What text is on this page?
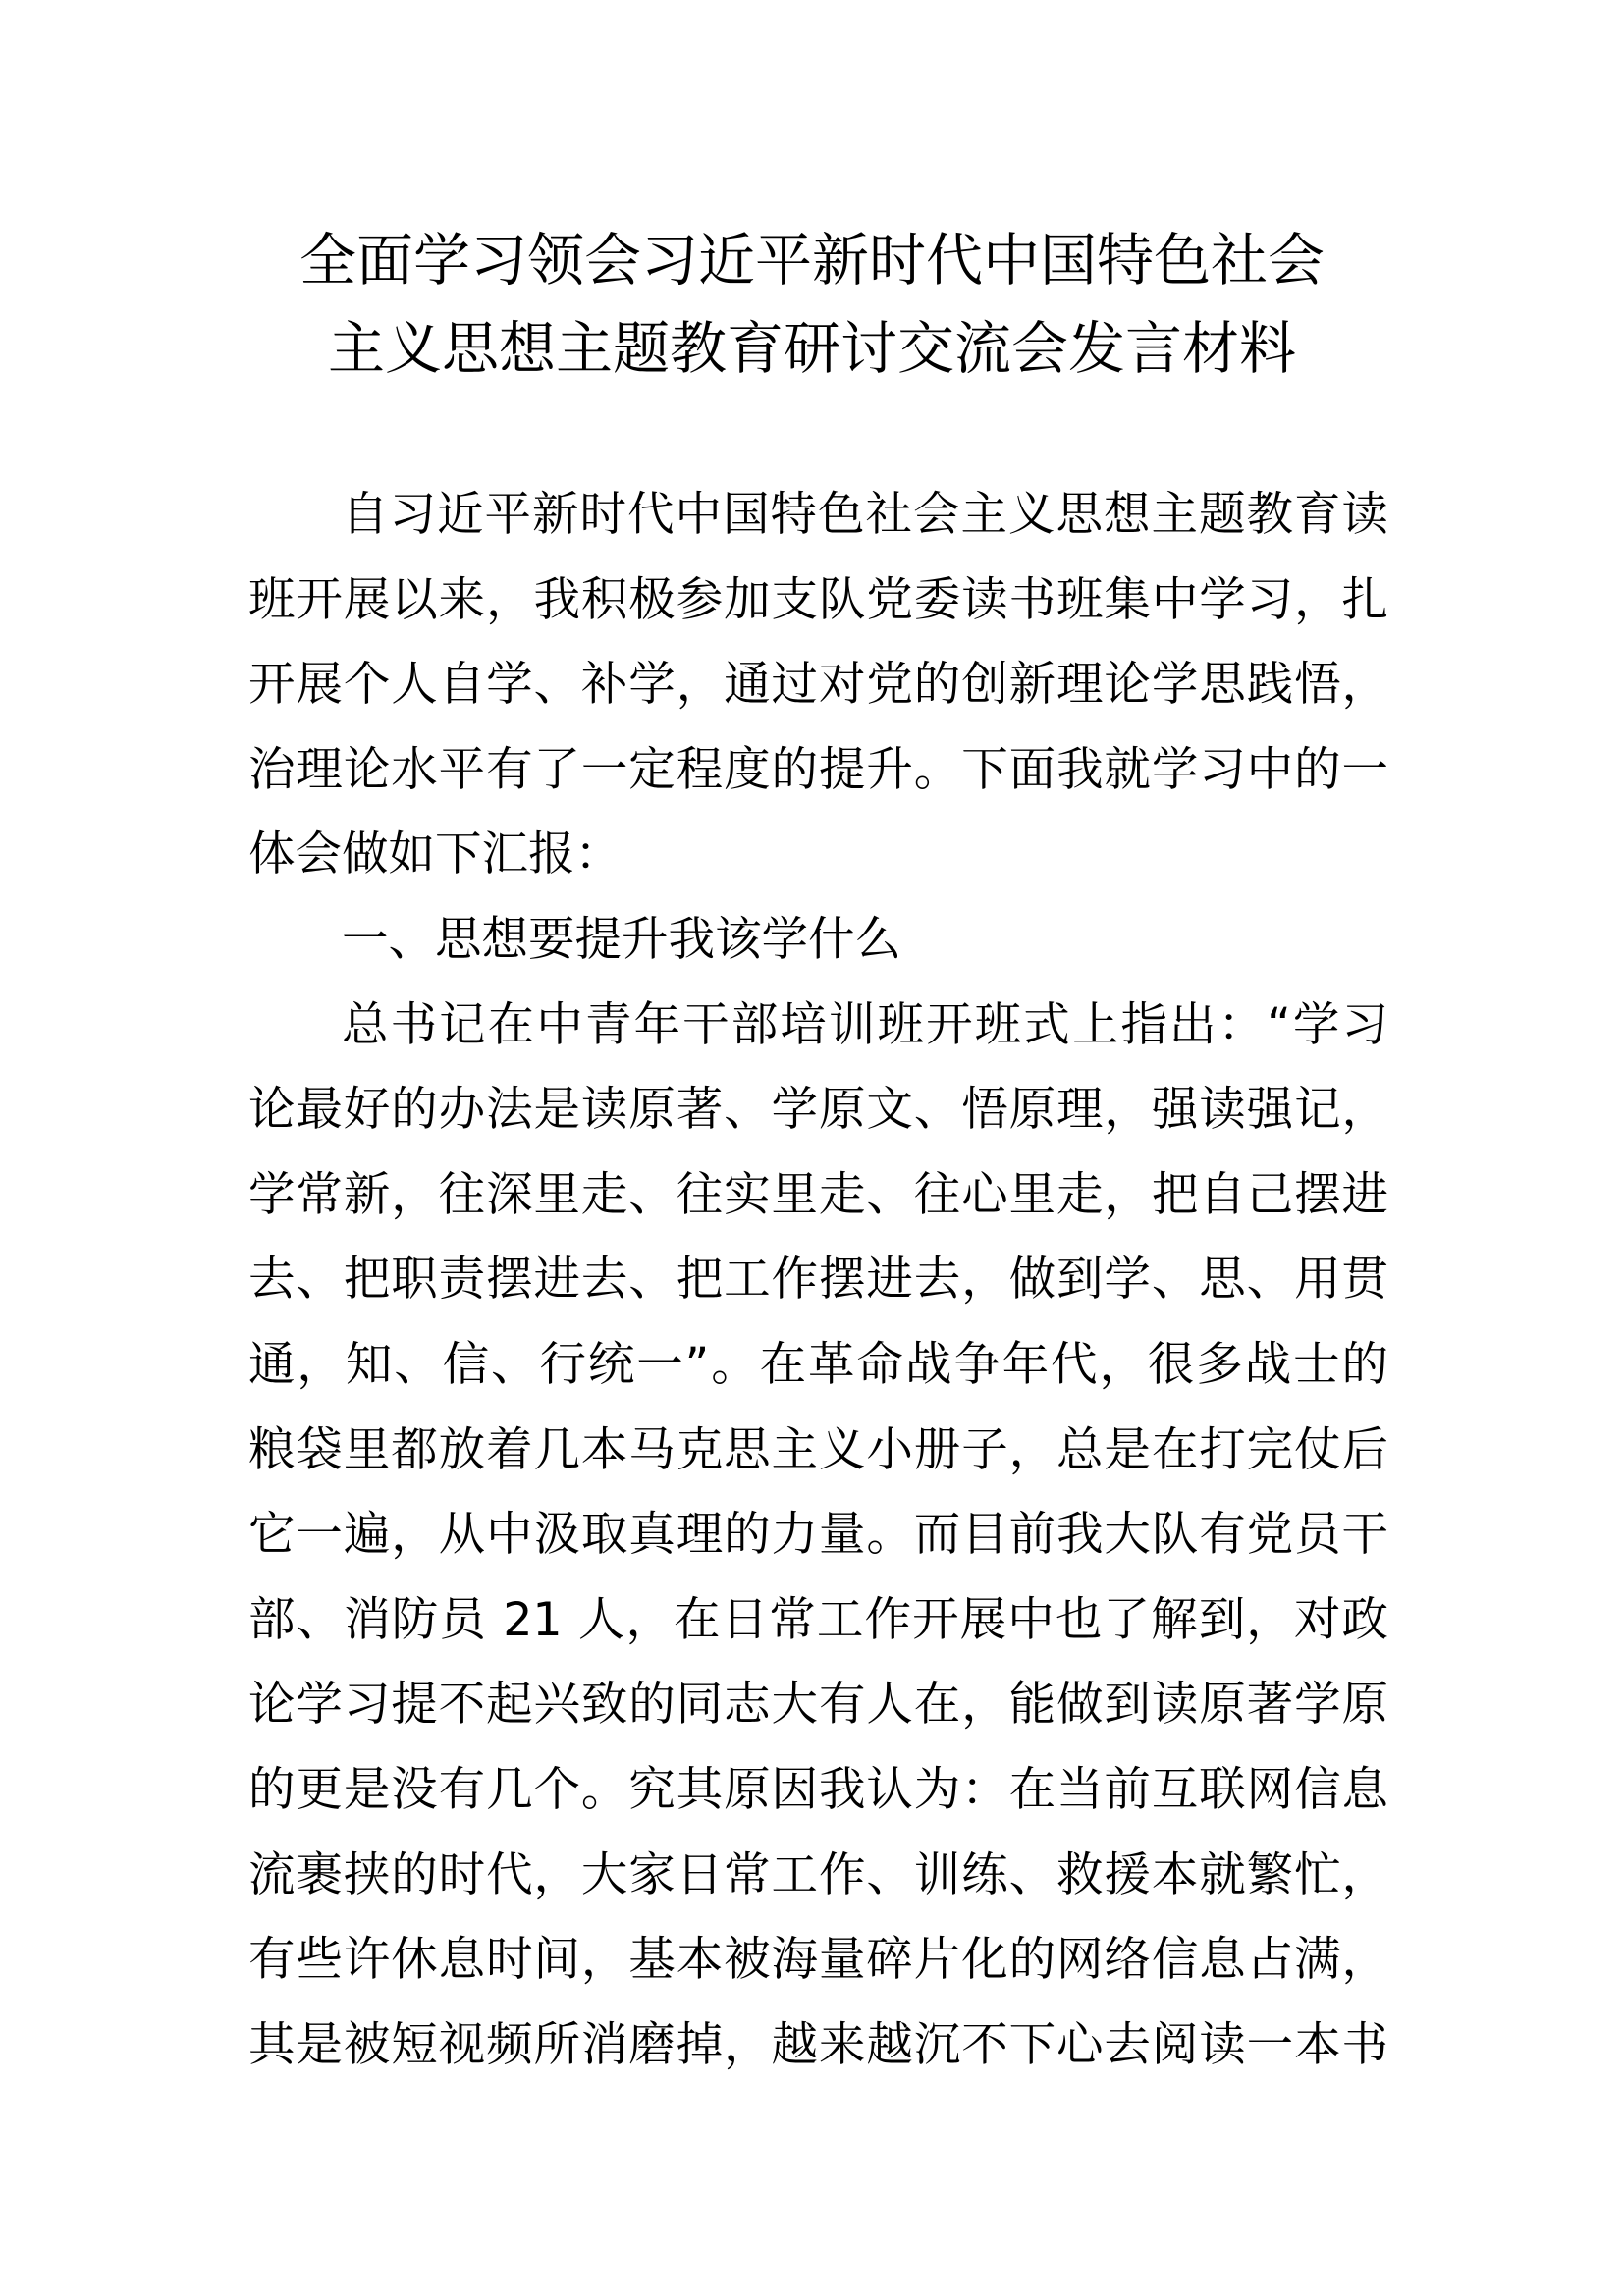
全面学习领会习近平新时代中国特色社会
主义思想主题教育研讨交流会发言材料
自习近平新时代中国特色社会主义思想主题教育读
班开展以来，我积极参加支队党委读书班集中学习，扎
开展个人自学、补学，通过对党的创新理论学思践悟，
治理论水平有了一定程度的提升。下面我就学习中的一
体会做如下汇报：
一、思想要提升我该学什么
总书记在中青年干部培训班开班式上指出：“学习
论最好的办法是读原著、学原文、悟原理，强读强记，
学常新，往深里走、往实里走、往心里走，把自己摆进
去、把职责摆进去、把工作摆进去，做到学、思、用贯
通，知、信、行统一”。在革命战争年代，很多战士的
粮袋里都放着几本马克思主义小册子，总是在打完仗后
它一遍，从中汲取真理的力量。而目前我大队有党员干
部、消防员 21 人，在日常工作开展中也了解到，对政
论学习提不起兴致的同志大有人在，能做到读原著学原
的更是没有几个。究其原因我认为：在当前互联网信息
流裹挟的时代，大家日常工作、训练、救援本就繁忙，
有些许休息时间，基本被海量碎片化的网络信息占满，
其是被短视频所消磨掉，越来越沉不下心去阅读一本书
